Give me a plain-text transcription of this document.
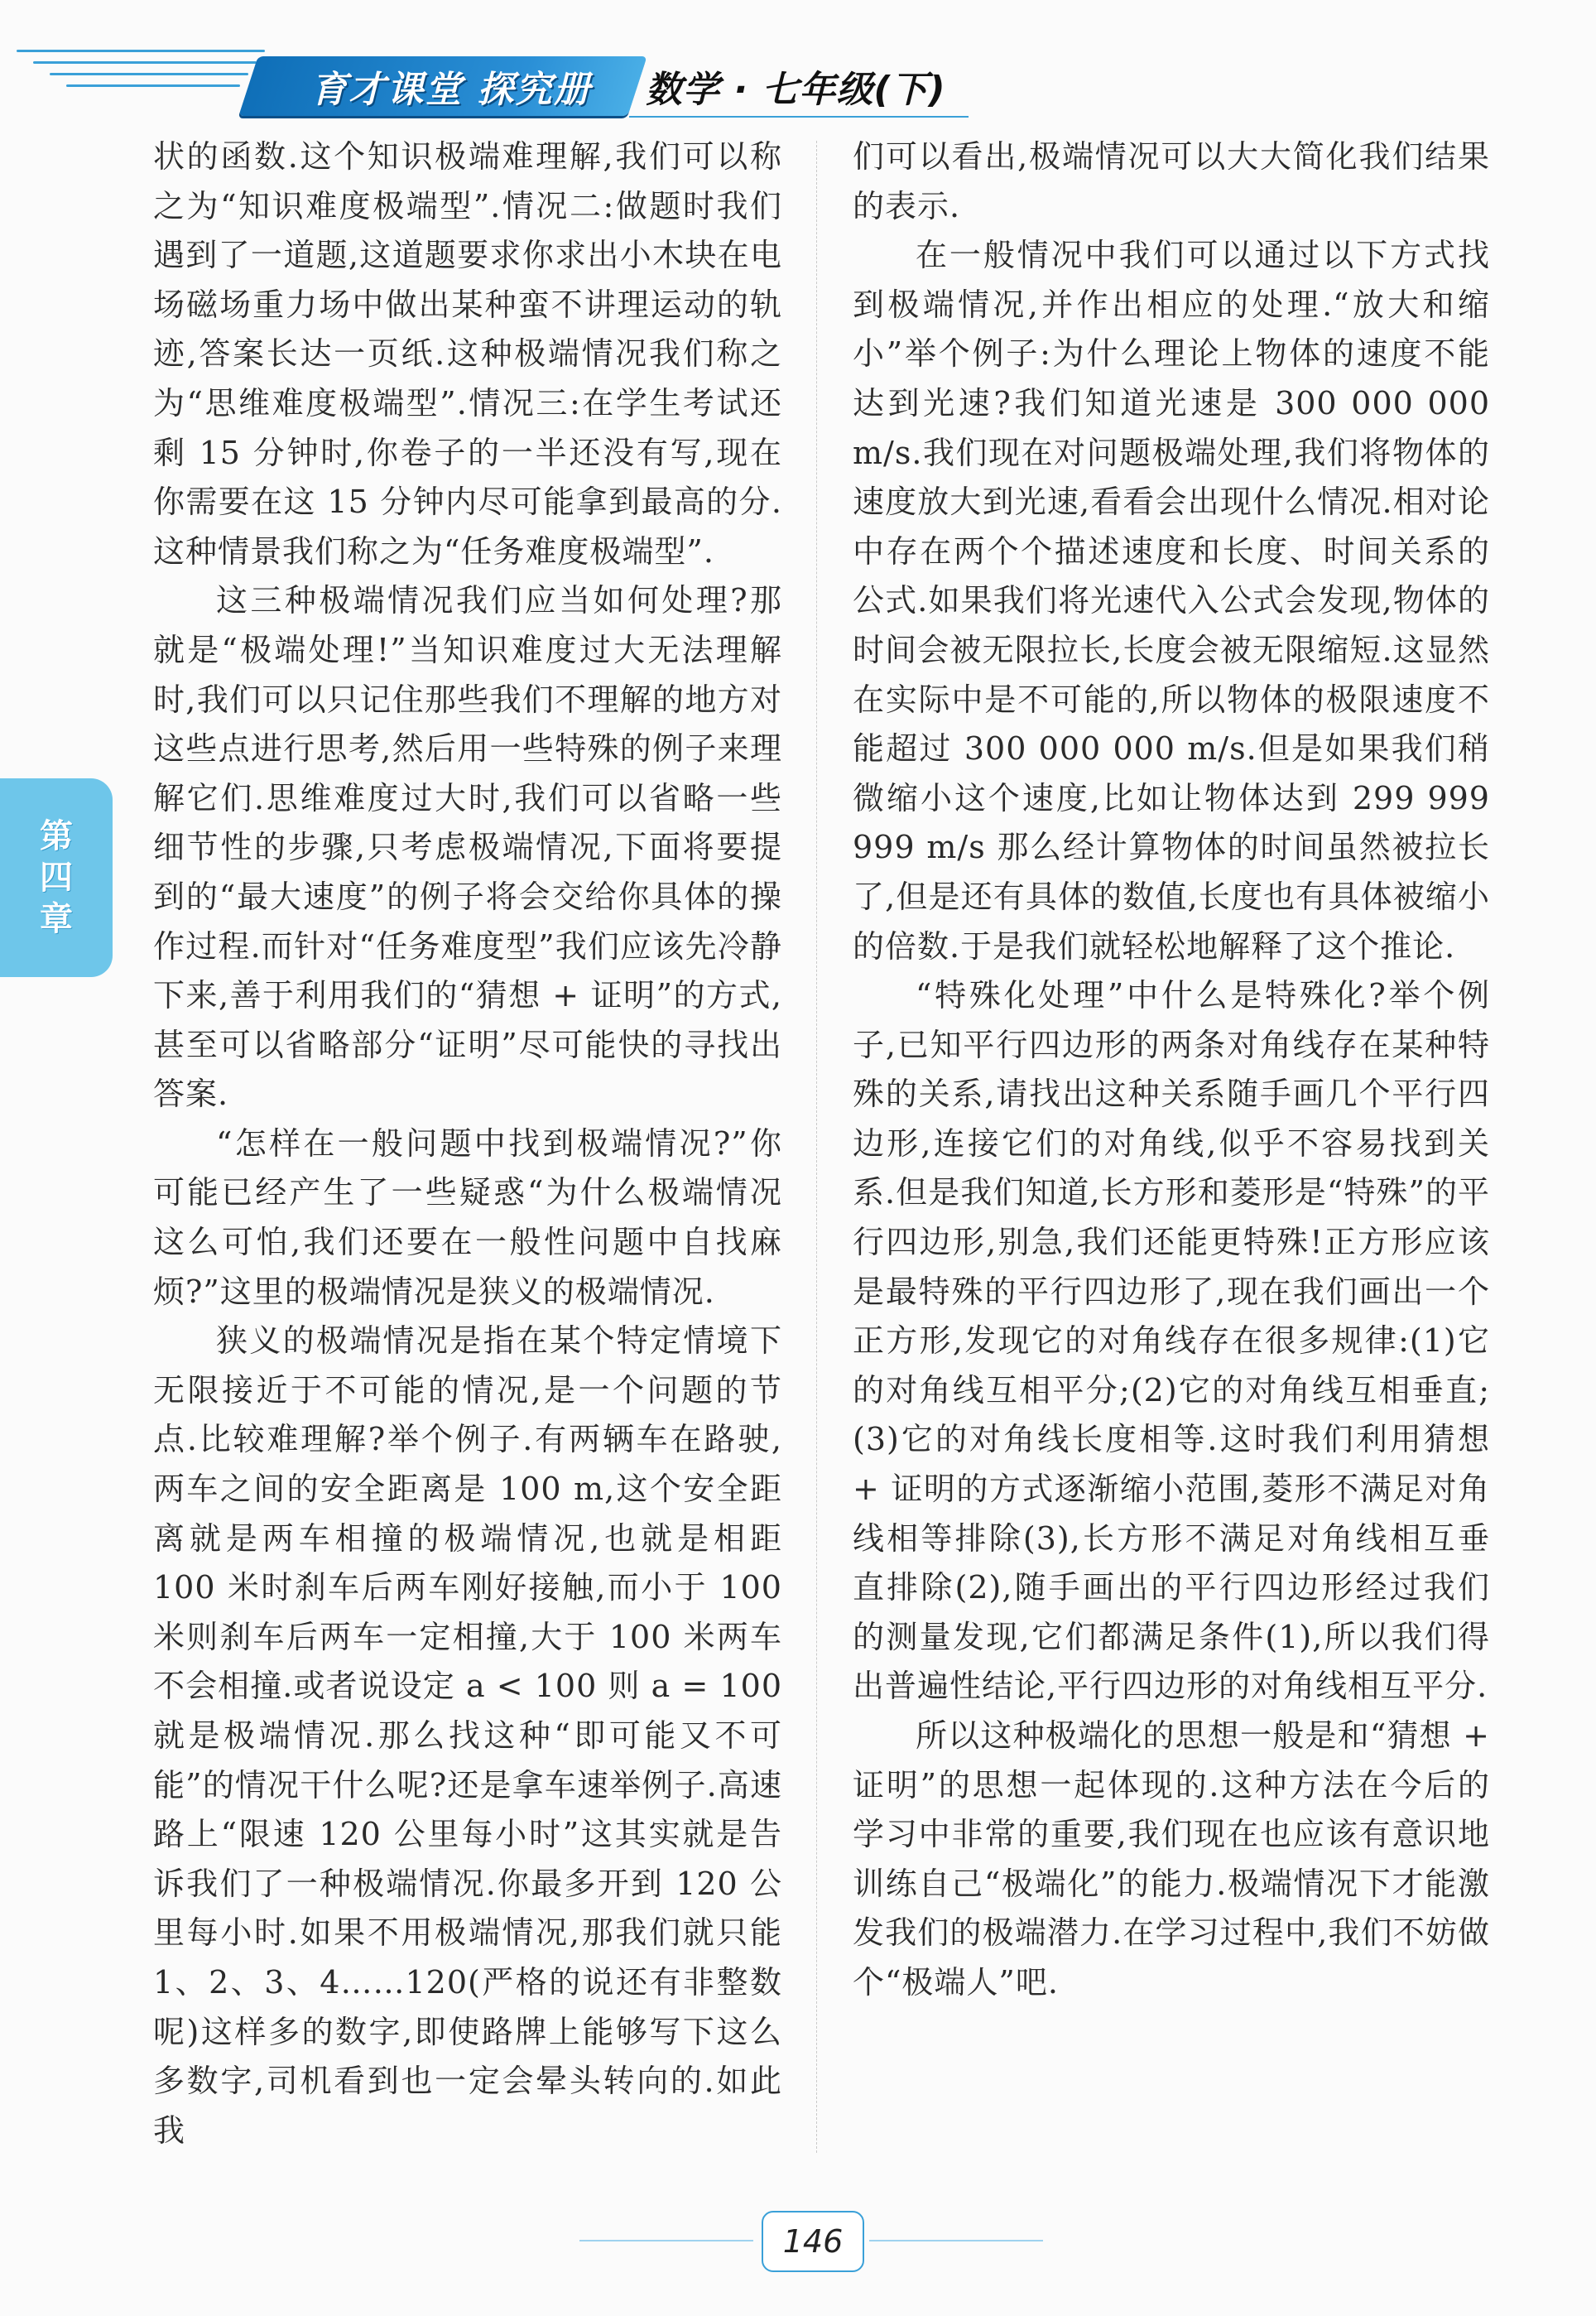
育才课堂 探究册	数学 · 七年级(下)
第四章

状的函数.这个知识极端难理解,我们可以称之为“知识难度极端型”.情况二:做题时我们遇到了一道题,这道题要求你求出小木块在电场磁场重力场中做出某种蛮不讲理运动的轨迹,答案长达一页纸.这种极端情况我们称之为“思维难度极端型”.情况三:在学生考试还剩 15 分钟时,你卷子的一半还没有写,现在你需要在这 15 分钟内尽可能拿到最高的分.这种情景我们称之为“任务难度极端型”.

这三种极端情况我们应当如何处理?那就是“极端处理!”当知识难度过大无法理解时,我们可以只记住那些我们不理解的地方对这些点进行思考,然后用一些特殊的例子来理解它们.思维难度过大时,我们可以省略一些细节性的步骤,只考虑极端情况,下面将要提到的“最大速度”的例子将会交给你具体的操作过程.而针对“任务难度型”我们应该先冷静下来,善于利用我们的“猜想 + 证明”的方式,甚至可以省略部分“证明”尽可能快的寻找出答案.

“怎样在一般问题中找到极端情况?”你可能已经产生了一些疑惑“为什么极端情况这么可怕,我们还要在一般性问题中自找麻烦?”这里的极端情况是狭义的极端情况.

狭义的极端情况是指在某个特定情境下无限接近于不可能的情况,是一个问题的节点.比较难理解?举个例子.有两辆车在路驶,两车之间的安全距离是 100 m,这个安全距离就是两车相撞的极端情况,也就是相距 100 米时刹车后两车刚好接触,而小于 100 米则刹车后两车一定相撞,大于 100 米两车不会相撞.或者说设定 a < 100 则 a = 100 就是极端情况.那么找这种“即可能又不可能”的情况干什么呢?还是拿车速举例子.高速路上“限速 120 公里每小时”这其实就是告诉我们了一种极端情况.你最多开到 120 公里每小时.如果不用极端情况,那我们就只能 1、2、3、4……120(严格的说还有非整数呢)这样多的数字,即使路牌上能够写下这么多数字,司机看到也一定会晕头转向的.如此我

们可以看出,极端情况可以大大简化我们结果的表示.

在一般情况中我们可以通过以下方式找到极端情况,并作出相应的处理.“放大和缩小”举个例子:为什么理论上物体的速度不能达到光速?我们知道光速是 300 000 000 m/s.我们现在对问题极端处理,我们将物体的速度放大到光速,看看会出现什么情况.相对论中存在两个个描述速度和长度、时间关系的公式.如果我们将光速代入公式会发现,物体的时间会被无限拉长,长度会被无限缩短.这显然在实际中是不可能的,所以物体的极限速度不能超过 300 000 000 m/s.但是如果我们稍微缩小这个速度,比如让物体达到 299 999 999 m/s 那么经计算物体的时间虽然被拉长了,但是还有具体的数值,长度也有具体被缩小的倍数.于是我们就轻松地解释了这个推论.

“特殊化处理”中什么是特殊化?举个例子,已知平行四边形的两条对角线存在某种特殊的关系,请找出这种关系随手画几个平行四边形,连接它们的对角线,似乎不容易找到关系.但是我们知道,长方形和菱形是“特殊”的平行四边形,别急,我们还能更特殊!正方形应该是最特殊的平行四边形了,现在我们画出一个正方形,发现它的对角线存在很多规律:(1)它的对角线互相平分;(2)它的对角线互相垂直;(3)它的对角线长度相等.这时我们利用猜想 + 证明的方式逐渐缩小范围,菱形不满足对角线相等排除(3),长方形不满足对角线相互垂直排除(2),随手画出的平行四边形经过我们的测量发现,它们都满足条件(1),所以我们得出普遍性结论,平行四边形的对角线相互平分.

所以这种极端化的思想一般是和“猜想 + 证明”的思想一起体现的.这种方法在今后的学习中非常的重要,我们现在也应该有意识地训练自己“极端化”的能力.极端情况下才能激发我们的极端潜力.在学习过程中,我们不妨做个“极端人”吧.

146
